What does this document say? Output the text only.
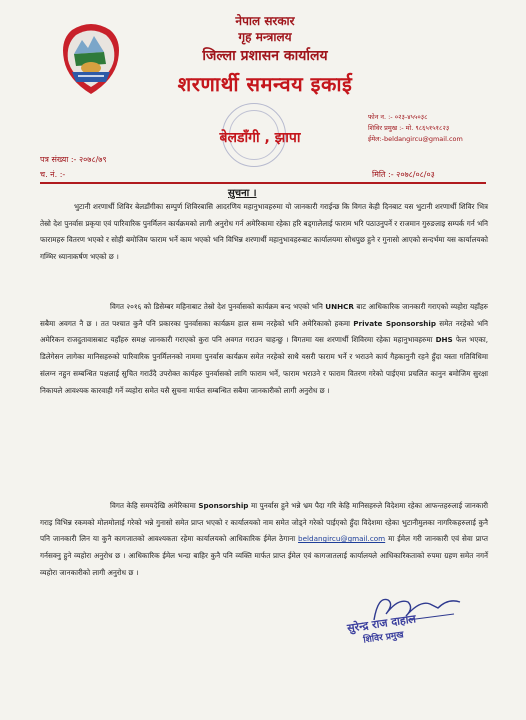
नेपाल सरकार
गृह मन्त्रालय
जिल्ला प्रशासन कार्यालय
शरणार्थी समन्वय इकाई
बेलडाँगी , झापा
फोन न. :- ०२३-४५५०३८
शिविर प्रमुख :- मो. ९८६५१५१८२३
ईमेल:-beldangircu@gmail.com
पत्र संख्या :- २०७८/७९
च. नं. :-	मिति :- २०७८/०८/०३
सुचना ।

भुटानी शरणार्थी शिविर बेलडाँगीका सम्पुर्ण शिविरबासि आदरणिय महानुभावहरुमा यो जानकारी गराईन्छ कि विगत केही दिनबाट यस भुटानी शरणार्थी शिविर भित्र तेस्रो देश पुनर्वास प्रकृया एवं पारिवारिक पुनर्मिलन कार्यक्रमको लागी अनुरोध गर्न अमेरिकामा रहेका हरि बड्गालेलाई फाराम भरि पठाउनुपर्ने र राजमान गुरुङलाइ सम्पर्क गर्न भनि फारामहरु वितरण भएको र सोही बमोजिम फाराम भर्ने काम भएको भनि विभिन्न शरणार्थी महानुभावहरुबाट कार्यालयमा सोधपुछ हुने र गुनासो आएको सन्दर्भमा यस कार्यालयको गम्भिर ध्यानाकर्षण भएको छ ।

विगत २०१६ को डिसेम्बर महिनाबाट तेस्रो देश पुनर्वासको कार्यक्रम बन्द भएको भनि UNHCR बाट आधिकारिक जानकारी गराएको व्यहोरा यहाँहरु सबैमा अवगत नै छ । तत पश्चात कुनै पनि प्रकारका पुनर्वासका कार्यक्रम हाल सम्म नरहेको भनि अमेरिकाको हकमा Private Sponsorship समेत नरहेको भनि अमेरिकन राजदुतावासबाट यहाँहरु समक्ष जानकारी गराएको कुरा पनि अवगत गराउन चाहन्छु । विगतमा यस शरणार्थी शिविरमा रहेका महानुभावहरुमा DHS फेल भएका, डिलेगेसन लागेका मानिसहरुको पारिवारिक पुनर्मिलनको नाममा पुनर्वास कार्यक्रम समेत नरहेको साथै यसरी फाराम भर्ने र भराउने कार्य गैहकानुनी रहने हुँदा यस्ता गतिविधिमा संलग्न नहुन सम्बन्धित पक्षलाई सुचित गराउँदै उपरोक्त कार्यहरु पुनर्वासको लागि फाराम भर्ने, फाराम भराउने र फाराम वितरण गरेको पाईएमा प्रचलित कानुन बमोजिम सुरक्षा निकायले आवश्यक कारवाही गर्ने व्यहोरा समेत यसै सुचना मार्फत सम्बन्धित सबैमा जानकारीको लागी अनुरोध छ ।

विगत केहि समयदेखि अमेरिकामा Sponsorship मा पुनर्वास हुने भन्ने भ्रम पैदा गरि केहि मानिसहरुले विदेशमा रहेका आफन्तहरुलाई जानकारी गराइ विभिन्न रकमको मोलमोलाई गरेको भन्ने गुनासो समेत प्राप्त भएको र कार्यालयको नाम समेत जोड्ने गरेको पाईएको हुँदा विदेशमा रहेका भुटानीमुलका नागरिकहरुलाई कुनै पनि जानकारी लिन या कुनै कागजातको आवश्यकता रहेमा कार्यालयको आधिकारिक ईमेल ठेगाना beldangircu@gmail.com मा ईमेल गरी जानकारी एवं सेवा प्राप्त गर्नसक्नु हुने व्यहोरा अनुरोध छ । आधिकारिक ईमेल भन्दा बाहिर कुनै पनि व्यक्ति मार्फत प्राप्त ईमेल एवं कागजातलाई कार्यालयले आधिकारिकताको रुपमा ग्रहण समेत नगर्ने व्यहोरा जानकारीको लागी अनुरोध छ ।

सुरेन्द्र राज दाहाल
शिविर प्रमुख
